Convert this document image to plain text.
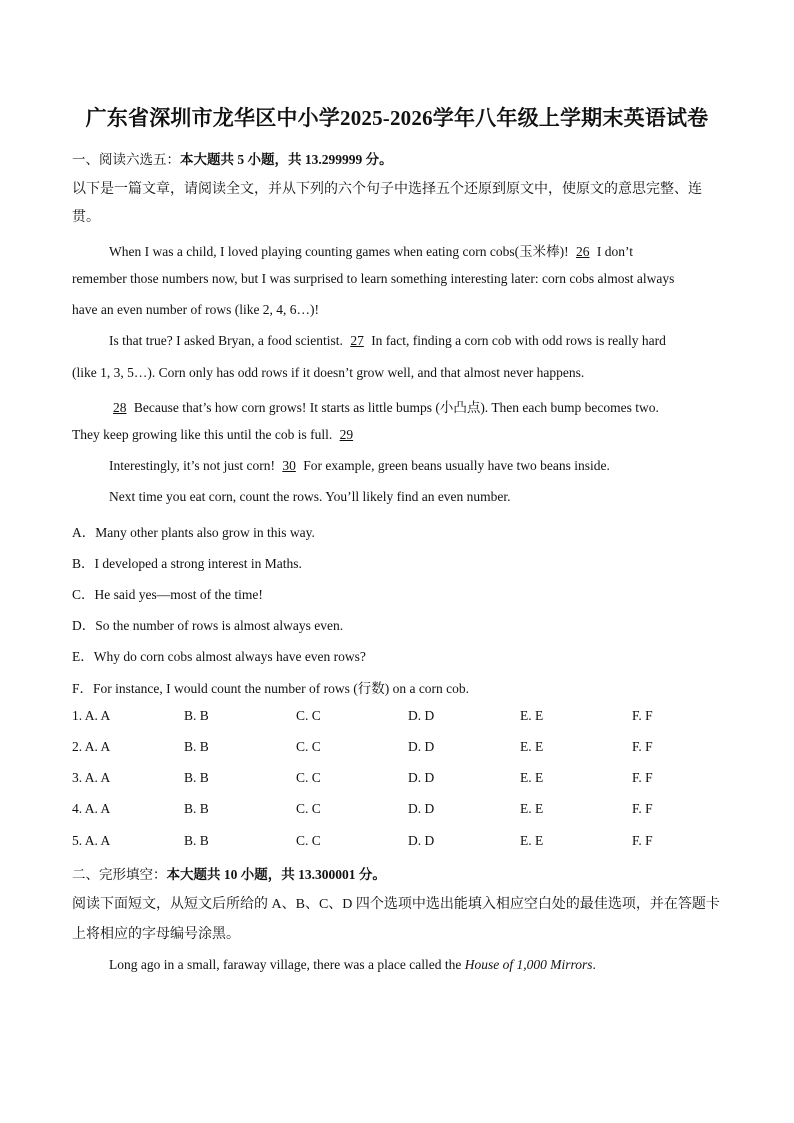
广东省深圳市龙华区中小学2025-2026学年八年级上学期末英语试卷
一、阅读六选五：本大题共 5 小题，共 13.299999 分。
以下是一篇文章，请阅读全文，并从下列的六个句子中选择五个还原到原文中，使原文的意思完整、连
贯。
When I was a child, I loved playing counting games when eating corn cobs(玉米棒)! 26 I don’t
remember those numbers now, but I was surprised to learn something interesting later: corn cobs almost always
have an even number of rows (like 2, 4, 6…)!
Is that true? I asked Bryan, a food scientist. 27 In fact, finding a corn cob with odd rows is really hard
(like 1, 3, 5…). Corn only has odd rows if it doesn’t grow well, and that almost never happens.
28 Because that’s how corn grows! It starts as little bumps (小凸点). Then each bump becomes two.
They keep growing like this until the cob is full. 29
Interestingly, it’s not just corn! 30 For example, green beans usually have two beans inside.
Next time you eat corn, count the rows. You’ll likely find an even number.
A．Many other plants also grow in this way.
B．I developed a strong interest in Maths.
C．He said yes—most of the time!
D．So the number of rows is almost always even.
E．Why do corn cobs almost always have even rows?
F．For instance, I would count the number of rows (行数) on a corn cob.
1. A. A	B. B	C. C	D. D	E. E	F. F
2. A. A	B. B	C. C	D. D	E. E	F. F
3. A. A	B. B	C. C	D. D	E. E	F. F
4. A. A	B. B	C. C	D. D	E. E	F. F
5. A. A	B. B	C. C	D. D	E. E	F. F
二、完形填空：本大题共 10 小题，共 13.300001 分。
阅读下面短文，从短文后所给的 A、B、C、D 四个选项中选出能填入相应空白处的最佳选项，并在答题卡
上将相应的字母编号涂黑。
Long ago in a small, faraway village, there was a place called the House of 1,000 Mirrors.
